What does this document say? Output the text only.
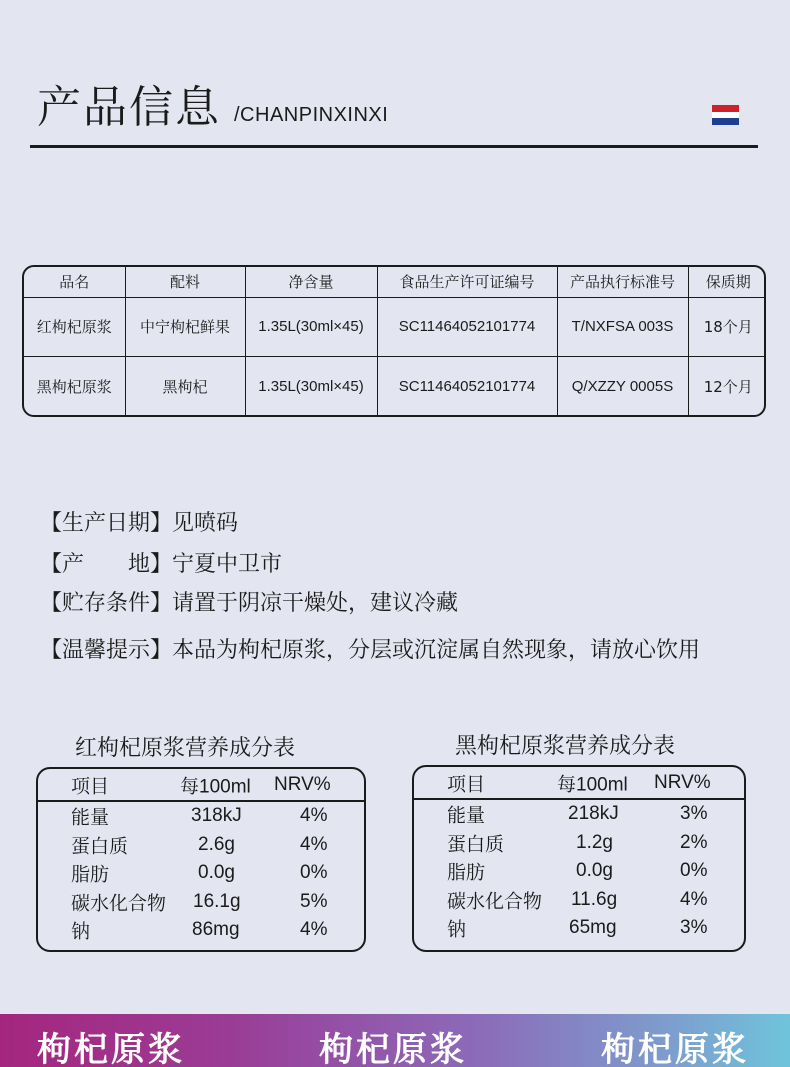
产品信息 /CHANPINXINXI
品名	配料	净含量	食品生产许可证编号	产品执行标准号	保质期
红枸杞原浆	中宁枸杞鲜果	1.35L(30ml×45)	SC11464052101774	T/NXFSA 003S	18个月
黑枸杞原浆	黑枸杞	1.35L(30ml×45)	SC11464052101774	Q/XZZY 0005S	12个月
【生产日期】见喷码
【产　　地】宁夏中卫市
【贮存条件】请置于阴凉干燥处，建议冷藏
【温馨提示】本品为枸杞原浆，分层或沉淀属自然现象，请放心饮用
红枸杞原浆营养成分表
项目	每100ml NRV%
能量	318kJ	4%
蛋白质	2.6g	4%
脂肪	0.0g	0%
碳水化合物 16.1g	5%
钠	86mg	4%
黑枸杞原浆营养成分表
项目	每100ml NRV%
能量	218kJ	3%
蛋白质	1.2g	2%
脂肪	0.0g	0%
碳水化合物 11.6g	4%
钠	65mg	3%
枸杞原浆	枸杞原浆	枸杞原浆
